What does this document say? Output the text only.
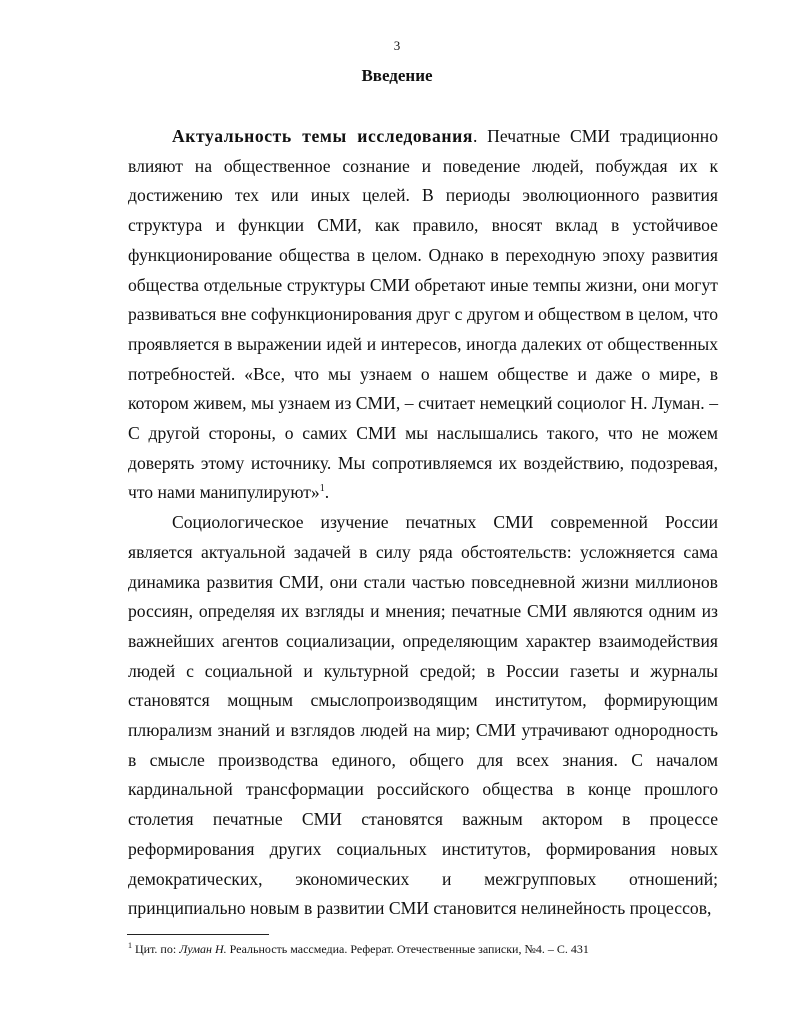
3
Введение

Актуальность темы исследования. Печатные СМИ традиционно влияют на общественное сознание и поведение людей, побуждая их к достижению тех или иных целей. В периоды эволюционного развития структура и функции СМИ, как правило, вносят вклад в устойчивое функционирование общества в целом. Однако в переходную эпоху развития общества отдельные структуры СМИ обретают иные темпы жизни, они могут развиваться вне софункционирования друг с другом и обществом в целом, что проявляется в выражении идей и интересов, иногда далеких от общественных потребностей. «Все, что мы узнаем о нашем обществе и даже о мире, в котором живем, мы узнаем из СМИ, – считает немецкий социолог Н. Луман. – С другой стороны, о самих СМИ мы наслышались такого, что не можем доверять этому источнику. Мы сопротивляемся их воздействию, подозревая, что нами манипулируют»$^1$.

Социологическое изучение печатных СМИ современной России является актуальной задачей в силу ряда обстоятельств: усложняется сама динамика развития СМИ, они стали частью повседневной жизни миллионов россиян, определяя их взгляды и мнения; печатные СМИ являются одним из важнейших агентов социализации, определяющим характер взаимодействия людей с социальной и культурной средой; в России газеты и журналы становятся мощным смыслопроизводящим институтом, формирующим плюрализм знаний и взглядов людей на мир; СМИ утрачивают однородность в смысле производства единого, общего для всех знания. С началом кардинальной трансформации российского общества в конце прошлого столетия печатные СМИ становятся важным актором в процессе реформирования других социальных институтов, формирования новых демократических, экономических и межгрупповых отношений; принципиально новым в развитии СМИ становится нелинейность процессов,

$^1$ Цит. по: Луман Н. Реальность массмедиа. Реферат. Отечественные записки, №4. – С. 431
